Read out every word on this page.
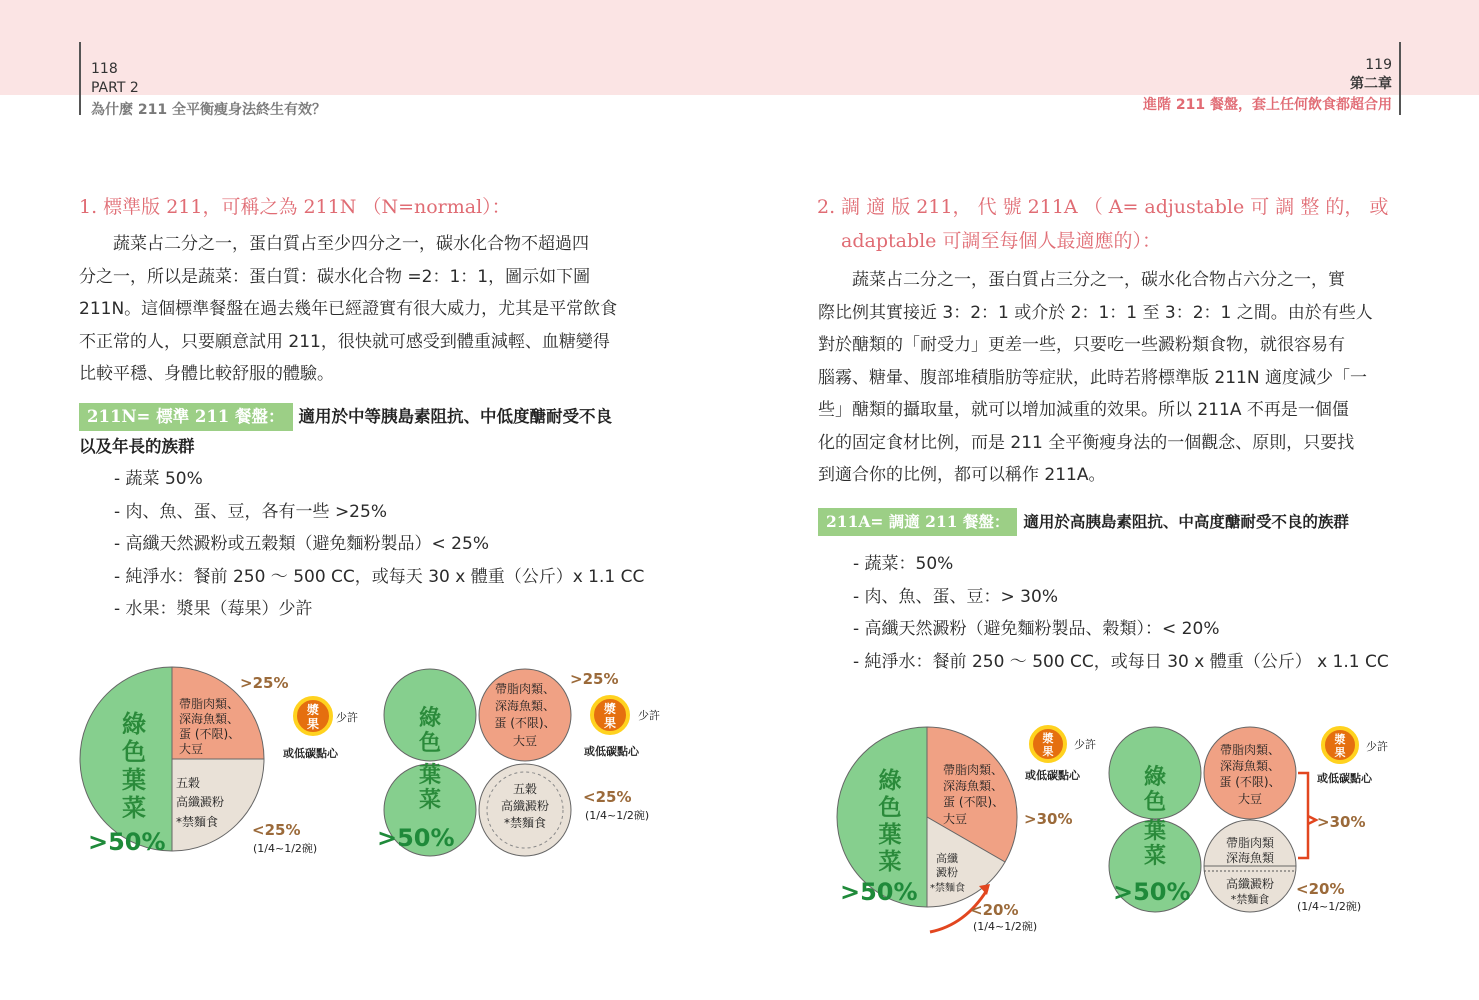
118
PART 2
為什麼 211 全平衡瘦身法終生有效？
119
第二章
進階 211 餐盤，套上任何飲食都超合用
1. 標準版 211，可稱之為 211N （N=normal）：

蔬菜占二分之一，蛋白質占至少四分之一，碳水化合物不超過四

分之一，所以是蔬菜：蛋白質：碳水化合物 =2：1：1，圖示如下圖

211N。這個標準餐盤在過去幾年已經證實有很大威力，尤其是平常飲食

不正常的人，只要願意試用 211，很快就可感受到體重減輕、血糖變得

比較平穩、身體比較舒服的體驗。

211N= 標準 211 餐盤： 適用於中等胰島素阻抗、中低度醣耐受不良
以及年長的族群
- 蔬菜 50%
- 肉、魚、蛋、豆，各有一些 >25%
- 高纖天然澱粉或五穀類（避免麵粉製品）< 25%
- 純淨水：餐前 250 ～ 500 CC，或每天 30 x 體重（公斤）x 1.1 CC
- 水果：漿果（莓果）少許
綠
色
葉
菜
>50%
帶脂肉類、
深海魚類、
蛋 (不限)、
大豆
五穀
高纖澱粉
*禁麵食
>25%
<25%
(1/4~1/2碗)
漿
果 少許
或低碳點心
綠
色
葉
菜
>50%
帶脂肉類、
深海魚類、
蛋 (不限)、
大豆
五穀
高纖澱粉
*禁麵食
>25%
<25%
(1/4~1/2碗)
漿
果
少許
或低碳點心
2. 調 適 版 211， 代 號 211A （ A= adjustable 可 調 整 的， 或
adaptable 可調至每個人最適應的）：

蔬菜占二分之一，蛋白質占三分之一，碳水化合物占六分之一，實

際比例其實接近 3：2：1 或介於 2：1：1 至 3：2：1 之間。由於有些人

對於醣類的「耐受力」更差一些，只要吃一些澱粉類食物，就很容易有

腦霧、糖暈、腹部堆積脂肪等症狀，此時若將標準版 211N 適度減少「一

些」醣類的攝取量，就可以增加減重的效果。所以 211A 不再是一個僵

化的固定食材比例，而是 211 全平衡瘦身法的一個觀念、原則，只要找

到適合你的比例，都可以稱作 211A。

211A= 調適 211 餐盤： 適用於高胰島素阻抗、中高度醣耐受不良的族群
- 蔬菜：50%
- 肉、魚、蛋、豆：> 30%
- 高纖天然澱粉（避免麵粉製品、穀類）：< 20%
- 純淨水：餐前 250 ～ 500 CC，或每日 30 x 體重（公斤） x 1.1 CC
綠
色
葉
菜
>50%
帶脂肉類、
深海魚類、
蛋 (不限)、
大豆
高纖
澱粉
*禁麵食
>30%
<20%
(1/4~1/2碗)
漿
果
少許
或低碳點心	綠
色
葉
菜
>50%
帶脂肉類、
深海魚類、
蛋 (不限)、
大豆
帶脂肉類
深海魚類
高纖澱粉
*禁麵食
>30%
<20%
(1/4~1/2碗)
漿
果 少許
或低碳點心
